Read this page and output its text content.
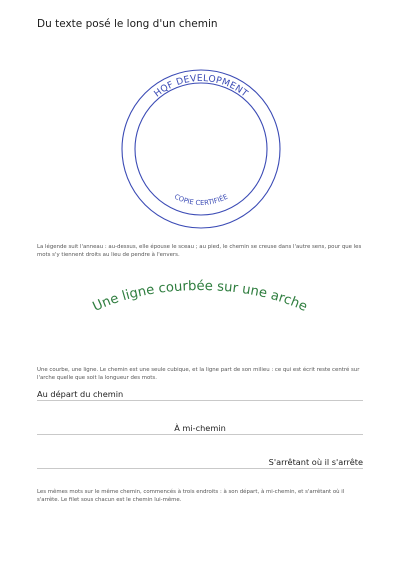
Du texte posé le long d'un chemin
HQF DEVELOPMENT
COPIE CERTIFIÉE

La légende suit l'anneau : au-dessus, elle épouse le sceau ; au pied, le chemin se creuse dans l'autre sens, pour que les mots s'y tiennent droits au lieu de pendre à l'envers.

Une ligne courbée sur une arche

Une courbe, une ligne. Le chemin est une seule cubique, et la ligne part de son milieu : ce qui est écrit reste centré sur l'arche quelle que soit la longueur des mots.

Au départ du chemin
À mi-chemin
S'arrêtant où il s'arrête

Les mêmes mots sur le même chemin, commencés à trois endroits : à son départ, à mi-chemin, et s'arrêtant où il s'arrête. Le filet sous chacun est le chemin lui-même.
